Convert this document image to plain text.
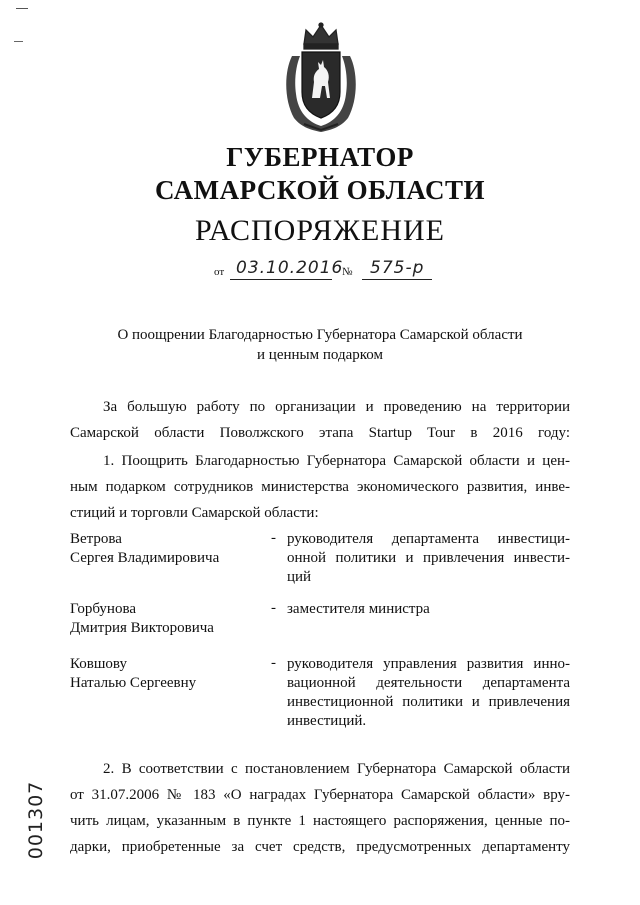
ГУБЕРНАТОР
САМАРСКОЙ ОБЛАСТИ
РАСПОРЯЖЕНИЕ
от 03.10.2016
№ 575-р
О поощрении Благодарностью Губернатора Самарской области
и ценным подарком
За большую работу по организации и проведению на территории
Самарской области Поволжского этапа Startup Tour в 2016 году:
1. Поощрить Благодарностью Губернатора Самарской области и цен-
ным подарком сотрудников министерства экономического развития, инве-
стиций и торговли Самарской области:
Ветрова
Сергея Владимировича
- руководителя департамента инвестици-
онной политики и привлечения инвести-
ций
Горбунова
Дмитрия Викторовича
- заместителя министра
Ковшову
Наталью Сергеевну
- руководителя управления развития инно-
вационной деятельности департамента
инвестиционной политики и привлечения
инвестиций.
2. В соответствии с постановлением Губернатора Самарской области
от 31.07.2006 № 183 «О наградах Губернатора Самарской области» вру-
чить лицам, указанным в пункте 1 настоящего распоряжения, ценные по-
дарки, приобретенные за счет средств, предусмотренных департаменту
001307
